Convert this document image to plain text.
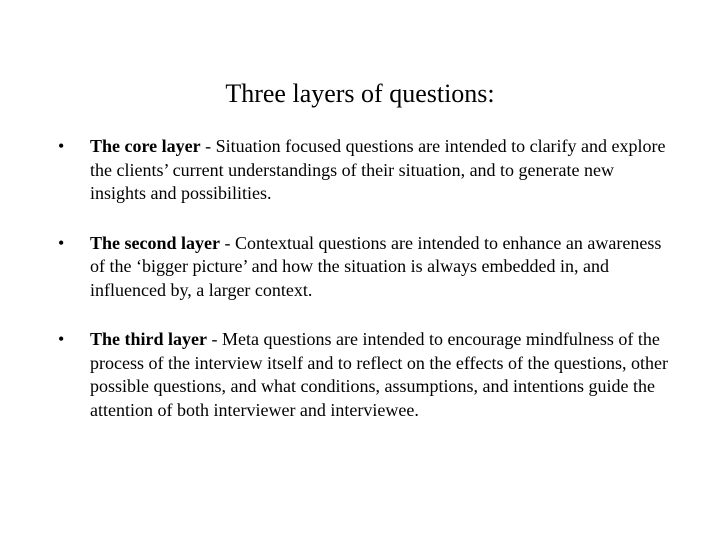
Three layers of questions:
• The core layer - Situation focused questions are intended to clarify and explore the clients’ current understandings of their situation, and to generate new insights and possibilities.
• The second layer - Contextual questions are intended to enhance an awareness of the ‘bigger picture’ and how the situation is always embedded in, and influenced by, a larger context.
• The third layer - Meta questions are intended to encourage mindfulness of the process of the interview itself and to reflect on the effects of the questions, other possible questions, and what conditions, assumptions, and intentions guide the attention of both interviewer and interviewee.
